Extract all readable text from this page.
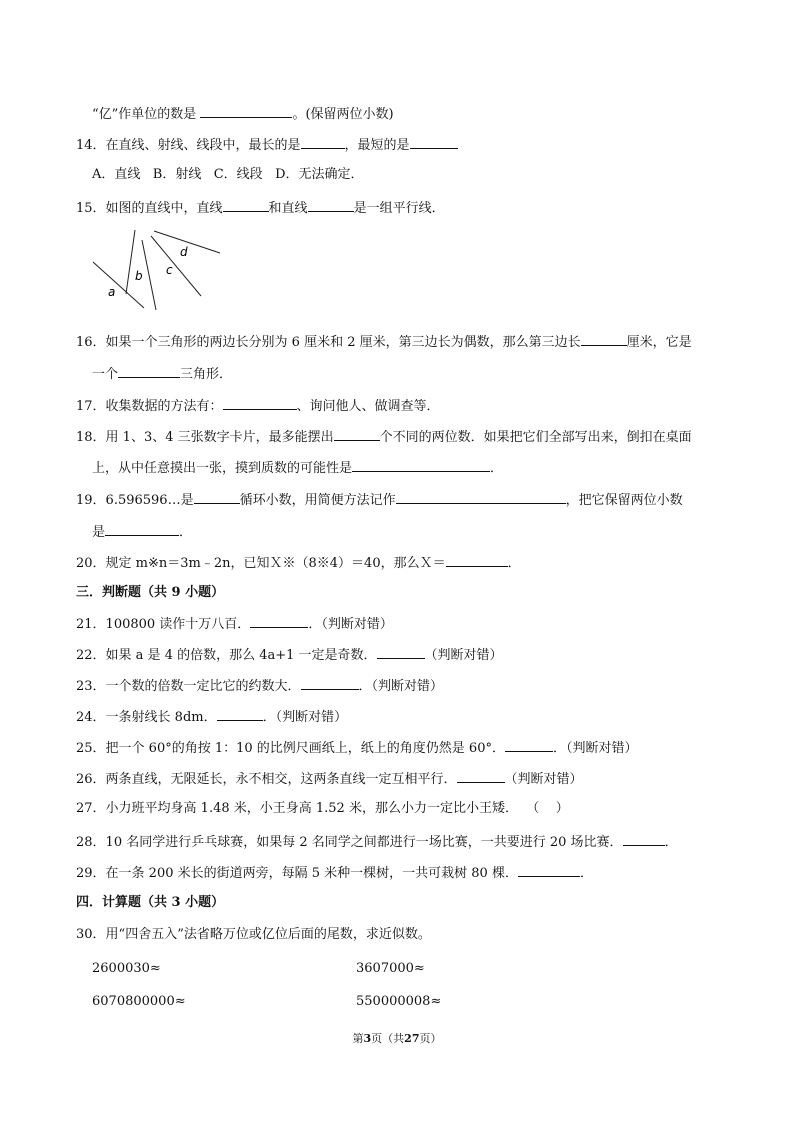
“亿”作单位的数是	。(保留两位小数)
14．在直线、射线、线段中，最长的是	，最短的是
A．直线   B．射线   C．线段   D．无法确定．
15．如图的直线中，直线	和直线	是一组平行线．
a
b c
d
16．如果一个三角形的两边长分别为 6 厘米和 2 厘米，第三边长为偶数，那么第三边长	厘米，它是
一个	三角形．
17．收集数据的方法有：	、询问他人、做调查等．
18．用 1、3、4 三张数字卡片，最多能摆出	个不同的两位数．如果把它们全部写出来，倒扣在桌面
上，从中任意摸出一张，摸到质数的可能性是	．
19．6.596596…是	循环小数，用简便方法记作	，把它保留两位小数
是	．
20．规定 m※n＝3m﹣2n，已知Ｘ※（8※4）＝40，那么Ｘ＝	．
三．判断题（共 9 小题）
21．100800 读作十万八百．	．（判断对错）
22．如果 a 是 4 的倍数，那么 4a+1 一定是奇数．	（判断对错）
23．一个数的倍数一定比它的约数大．	．（判断对错）
24．一条射线长 8dm．	．（判断对错）
25．把一个 60°的角按 1：10 的比例尺画纸上，纸上的角度仍然是 60°．	．（判断对错）
26．两条直线，无限延长，永不相交，这两条直线一定互相平行．	（判断对错）
27．小力班平均身高 1.48 米，小王身高 1.52 米，那么小力一定比小王矮．  （    ）
28．10 名同学进行乒乓球赛，如果每 2 名同学之间都进行一场比赛，一共要进行 20 场比赛．	．
29．在一条 200 米长的街道两旁，每隔 5 米种一棵树，一共可栽树 80 棵．	．
四．计算题（共 3 小题）
30．用“四舍五入”法省略万位或亿位后面的尾数，求近似数。
2600030≈	3607000≈
6070800000≈	550000008≈
第3页（共27页）
